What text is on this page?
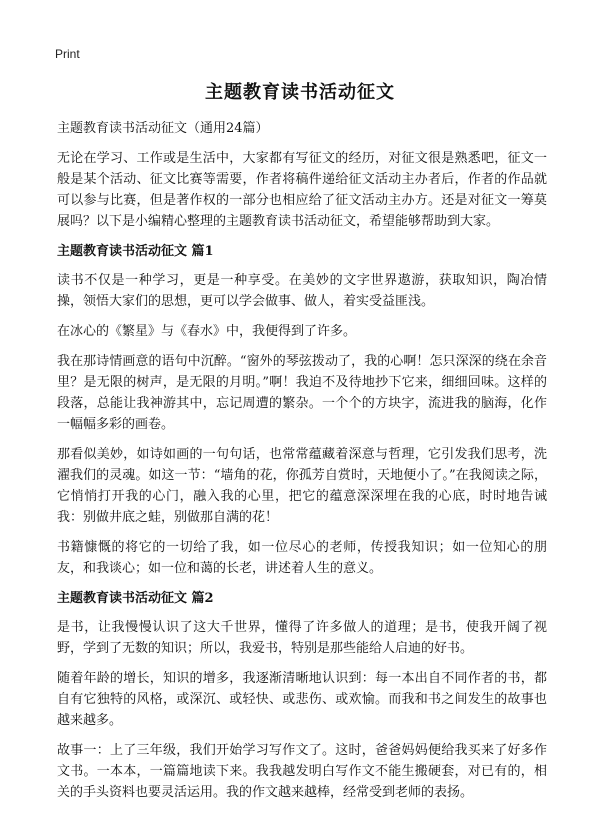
Print
主题教育读书活动征文

主题教育读书活动征文（通用24篇）

无论在学习、工作或是生活中，大家都有写征文的经历，对征文很是熟悉吧，征文一般是某个活动、征文比赛等需要，作者将稿件递给征文活动主办者后，作者的作品就可以参与比赛，但是著作权的一部分也相应给了征文活动主办方。还是对征文一筹莫展吗？以下是小编精心整理的主题教育读书活动征文，希望能够帮助到大家。

主题教育读书活动征文 篇1

读书不仅是一种学习，更是一种享受。在美妙的文字世界遨游，获取知识，陶冶情操，领悟大家们的思想，更可以学会做事、做人，着实受益匪浅。

在冰心的《繁星》与《春水》中，我便得到了许多。

我在那诗情画意的语句中沉醉。“窗外的琴弦拨动了，我的心啊！怎只深深的绕在余音里？是无限的树声，是无限的月明。”啊！我迫不及待地抄下它来，细细回味。这样的段落，总能让我神游其中，忘记周遭的繁杂。一个个的方块字，流进我的脑海，化作一幅幅多彩的画卷。

那看似美妙，如诗如画的一句句话，也常常蕴藏着深意与哲理，它引发我们思考，洗濯我们的灵魂。如这一节：“墙角的花，你孤芳自赏时，天地便小了。”在我阅读之际，它悄悄打开我的心门，融入我的心里，把它的蕴意深深埋在我的心底，时时地告诫我：别做井底之蛙，别做那自满的花！

书籍慷慨的将它的一切给了我，如一位尽心的老师，传授我知识；如一位知心的朋友，和我谈心；如一位和蔼的长老，讲述着人生的意义。

主题教育读书活动征文 篇2

是书，让我慢慢认识了这大千世界，懂得了许多做人的道理；是书，使我开阔了视野，学到了无数的知识；所以，我爱书，特别是那些能给人启迪的好书。

随着年龄的增长，知识的增多，我逐渐清晰地认识到：每一本出自不同作者的书，都自有它独特的风格，或深沉、或轻快、或悲伤、或欢愉。而我和书之间发生的故事也越来越多。

故事一：上了三年级，我们开始学习写作文了。这时，爸爸妈妈便给我买来了好多作文书。一本本，一篇篇地读下来。我我越发明白写作文不能生搬硬套，对已有的，相关的手头资料也要灵活运用。我的作文越来越棒，经常受到老师的表扬。
